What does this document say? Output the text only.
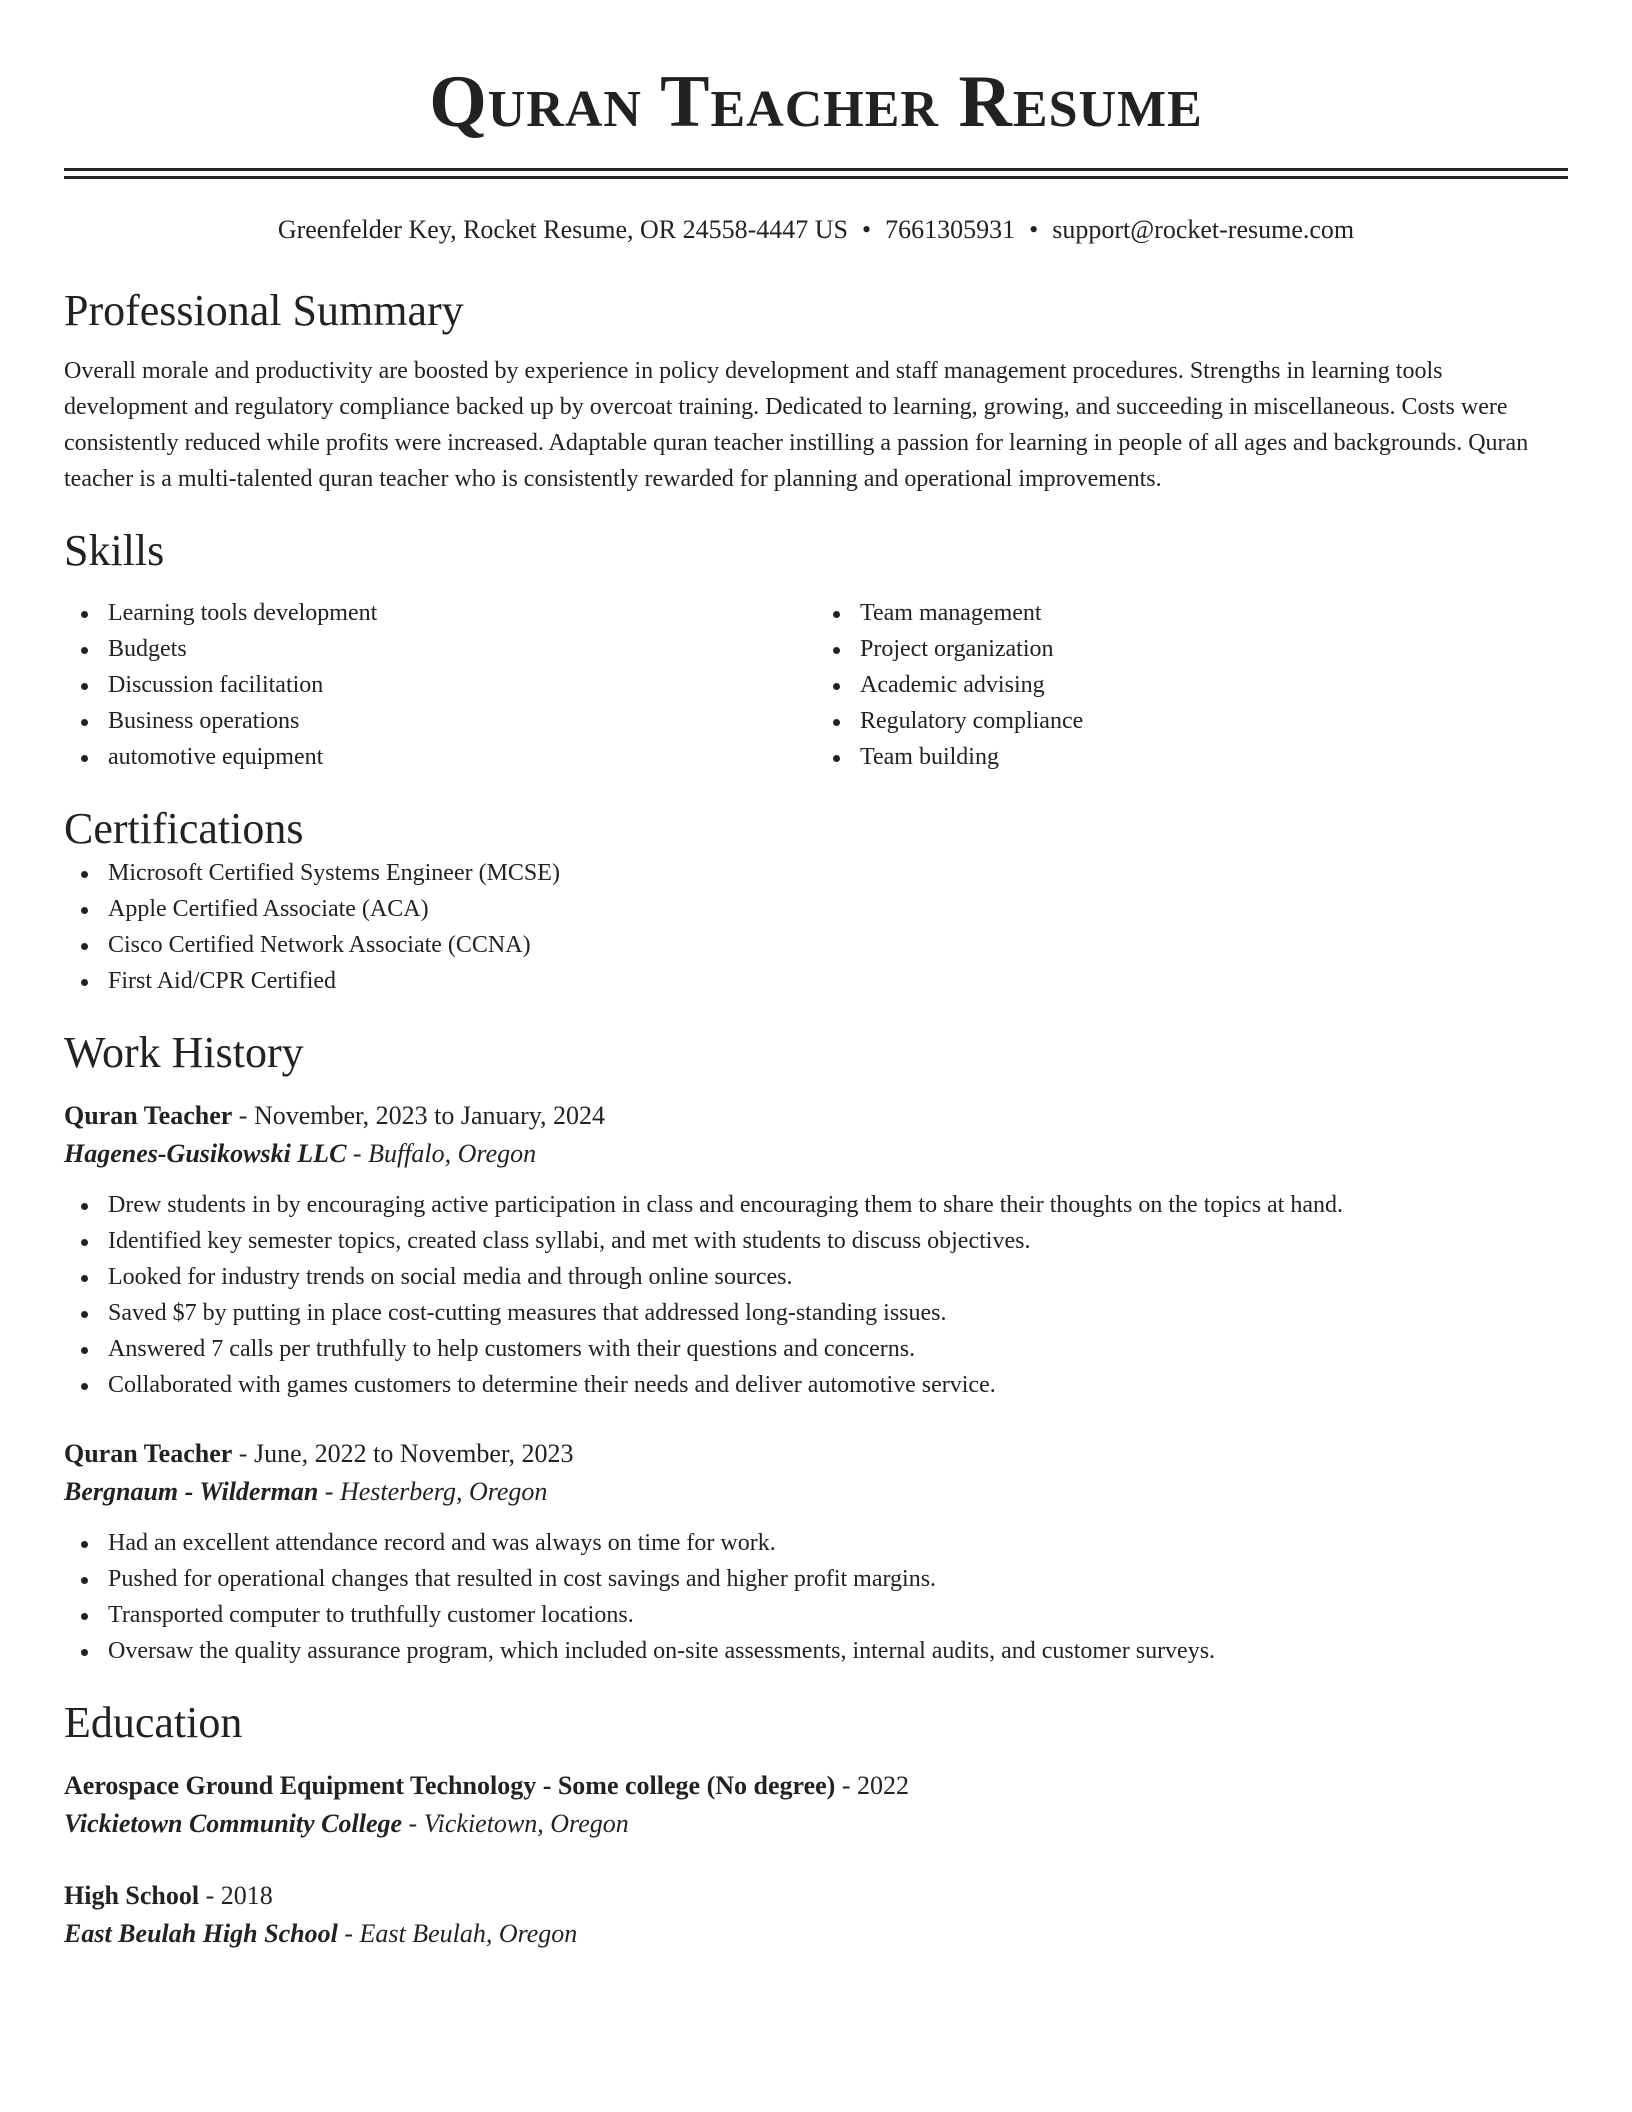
Quran Teacher Resume
Greenfelder Key, Rocket Resume, OR 24558-4447 US • 7661305931 • support@rocket-resume.com
Professional Summary

Overall morale and productivity are boosted by experience in policy development and staff management procedures. Strengths in learning tools development and regulatory compliance backed up by overcoat training. Dedicated to learning, growing, and succeeding in miscellaneous. Costs were consistently reduced while profits were increased. Adaptable quran teacher instilling a passion for learning in people of all ages and backgrounds. Quran teacher is a multi-talented quran teacher who is consistently rewarded for planning and operational improvements.

Skills
Learning tools development
Budgets
Discussion facilitation
Business operations
automotive equipment
Team management
Project organization
Academic advising
Regulatory compliance
Team building
Certifications
Microsoft Certified Systems Engineer (MCSE)
Apple Certified Associate (ACA)
Cisco Certified Network Associate (CCNA)
First Aid/CPR Certified
Work History
Quran Teacher - November, 2023 to January, 2024
Hagenes-Gusikowski LLC - Buffalo, Oregon
Drew students in by encouraging active participation in class and encouraging them to share their thoughts on the topics at hand.
Identified key semester topics, created class syllabi, and met with students to discuss objectives.
Looked for industry trends on social media and through online sources.
Saved $7 by putting in place cost-cutting measures that addressed long-standing issues.
Answered 7 calls per truthfully to help customers with their questions and concerns.
Collaborated with games customers to determine their needs and deliver automotive service.
Quran Teacher - June, 2022 to November, 2023
Bergnaum - Wilderman - Hesterberg, Oregon
Had an excellent attendance record and was always on time for work.
Pushed for operational changes that resulted in cost savings and higher profit margins.
Transported computer to truthfully customer locations.
Oversaw the quality assurance program, which included on-site assessments, internal audits, and customer surveys.
Education
Aerospace Ground Equipment Technology - Some college (No degree) - 2022
Vickietown Community College - Vickietown, Oregon
High School - 2018
East Beulah High School - East Beulah, Oregon
